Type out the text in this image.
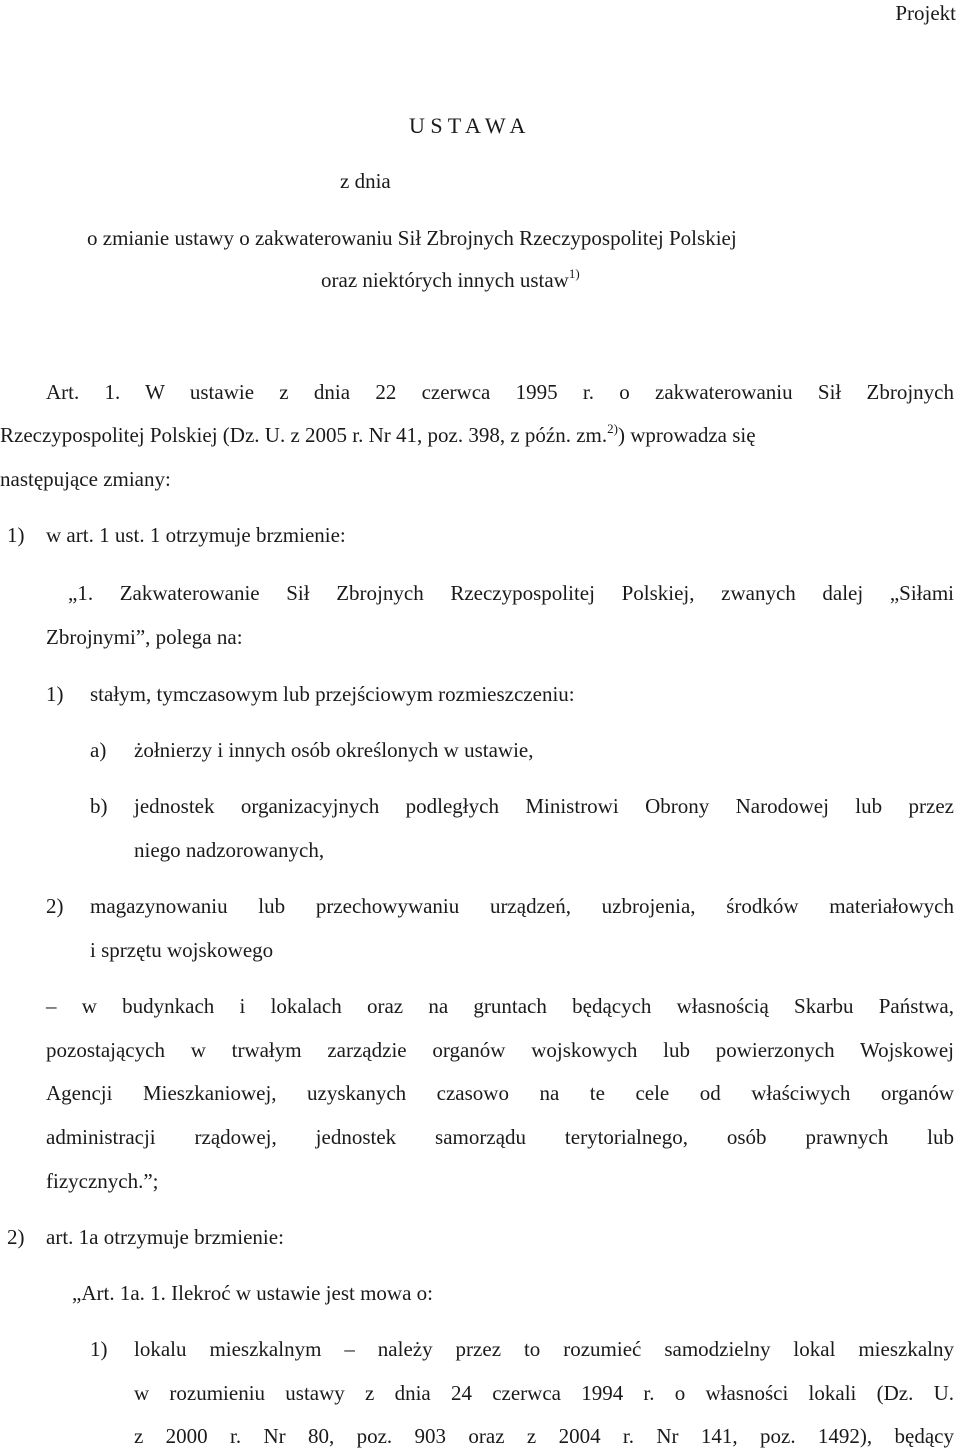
Projekt
U S T A W A
z dnia
o zmianie ustawy o zakwaterowaniu Sił Zbrojnych Rzeczypospolitej Polskiej
oraz niektórych innych ustaw$^{1)}$
Art. 1. W ustawie z dnia 22 czerwca 1995 r. o zakwaterowaniu Sił Zbrojnych
Rzeczypospolitej Polskiej (Dz. U. z 2005 r. Nr 41, poz. 398, z późn. zm.$^{2)}$) wprowadza się
następujące zmiany:
1) w art. 1 ust. 1 otrzymuje brzmienie:
„1. Zakwaterowanie Sił Zbrojnych Rzeczypospolitej Polskiej, zwanych dalej „Siłami
Zbrojnymi”, polega na:
1) stałym, tymczasowym lub przejściowym rozmieszczeniu:
a) żołnierzy i innych osób określonych w ustawie,
b) jednostek organizacyjnych podległych Ministrowi Obrony Narodowej lub przez
niego nadzorowanych,
2) magazynowaniu lub przechowywaniu urządzeń, uzbrojenia, środków materiałowych
i sprzętu wojskowego
– w budynkach i lokalach oraz na gruntach będących własnością Skarbu Państwa,
pozostających w trwałym zarządzie organów wojskowych lub powierzonych Wojskowej
Agencji Mieszkaniowej, uzyskanych czasowo na te cele od właściwych organów
administracji rządowej, jednostek samorządu terytorialnego, osób prawnych lub
fizycznych.”;
2) art. 1a otrzymuje brzmienie:
„Art. 1a. 1. Ilekroć w ustawie jest mowa o:
1) lokalu mieszkalnym – należy przez to rozumieć samodzielny lokal mieszkalny
w rozumieniu ustawy z dnia 24 czerwca 1994 r. o własności lokali (Dz. U.
z 2000 r. Nr 80, poz. 903 oraz z 2004 r. Nr 141, poz. 1492), będący
